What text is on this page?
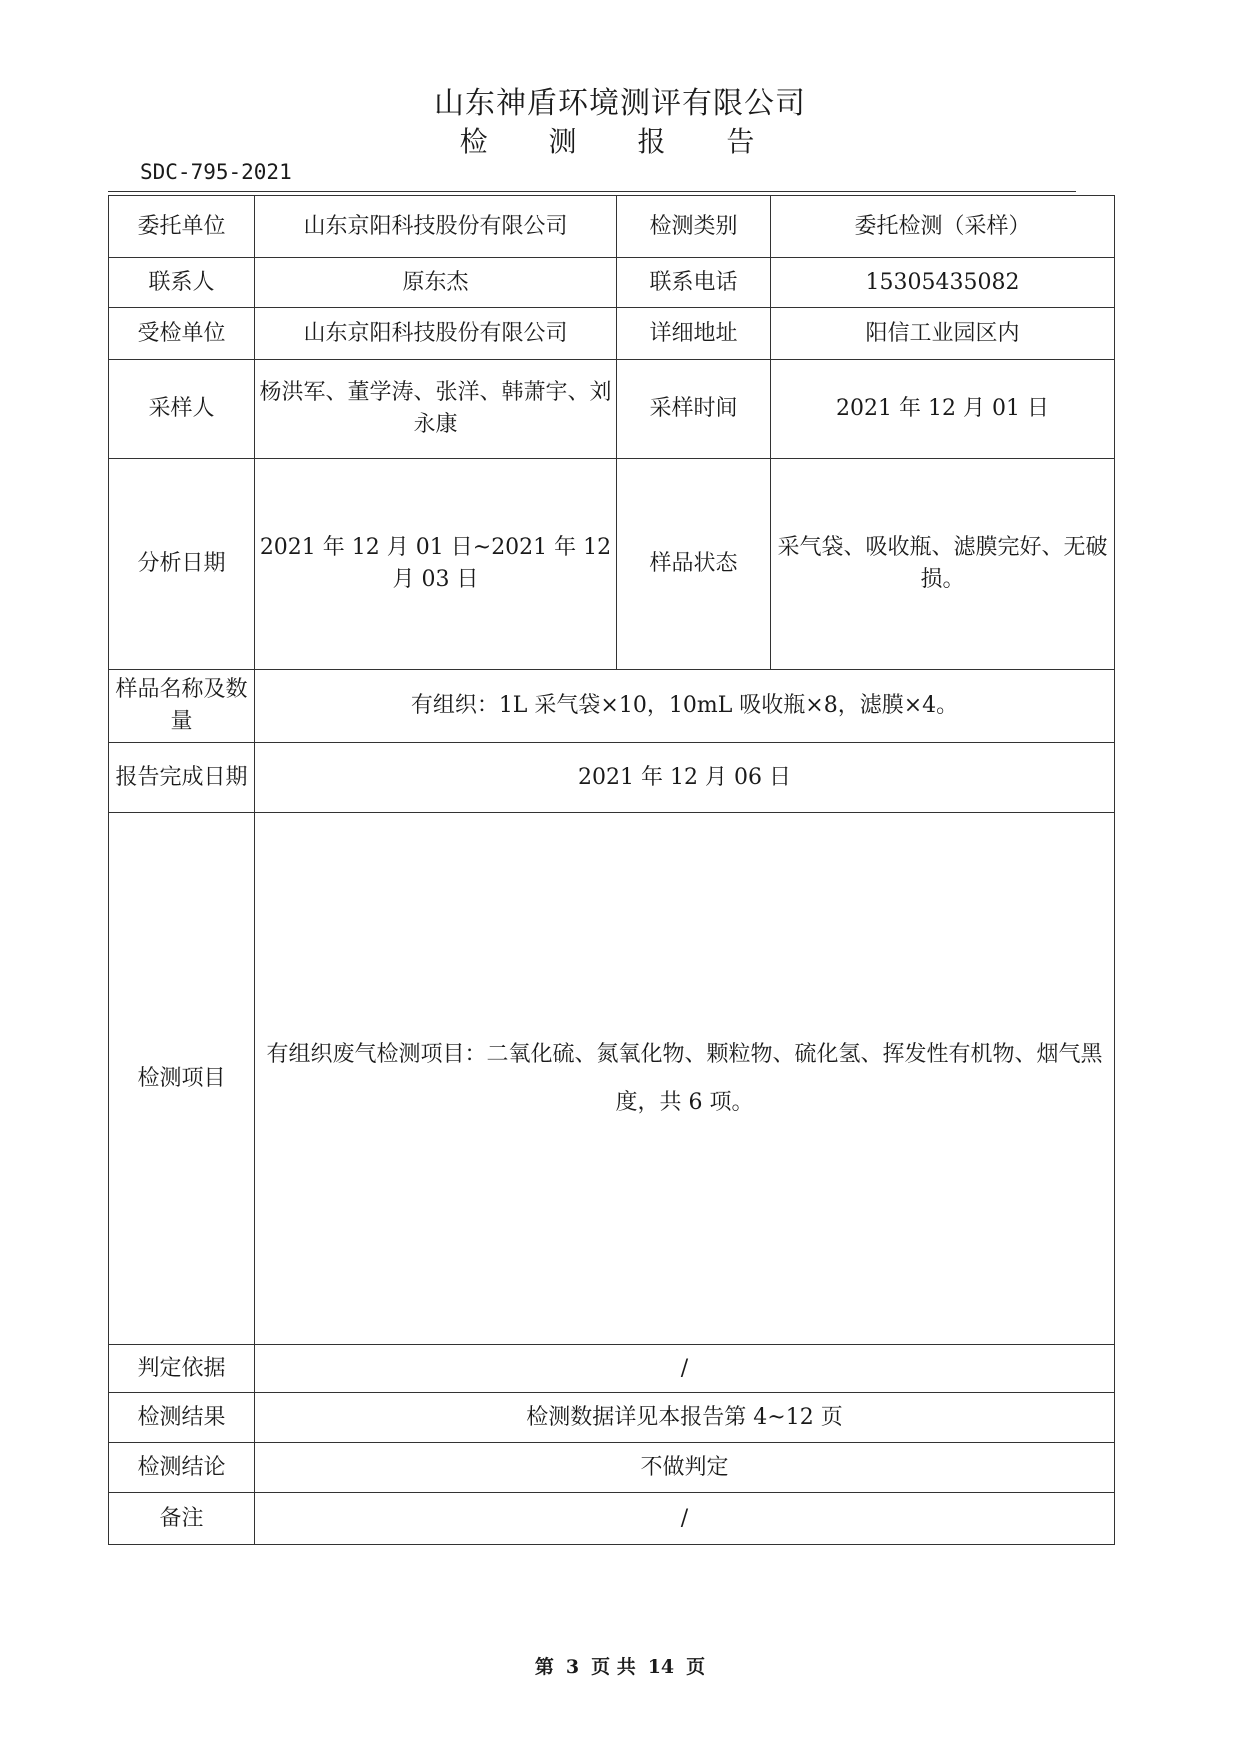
山东神盾环境测评有限公司
检 测 报 告
SDC-795-2021
委托单位	山东京阳科技股份有限公司	检测类别	委托检测（采样）
联系人	原东杰	联系电话	15305435082
受检单位	山东京阳科技股份有限公司	详细地址	阳信工业园区内
采样人	杨洪军、董学涛、张洋、韩萧宇、刘永康	采样时间	2021 年 12 月 01 日
分析日期	2021 年 12 月 01 日~2021 年 12 月 03 日	样品状态	采气袋、吸收瓶、滤膜完好、无破损。
样品名称及数量	有组织：1L 采气袋×10，10mL 吸收瓶×8，滤膜×4。		
报告完成日期	2021 年 12 月 06 日		
检测项目	有组织废气检测项目：二氧化硫、氮氧化物、颗粒物、硫化氢、挥发性有机物、烟气黑度，共 6 项。		
判定依据	/		
检测结果	检测数据详见本报告第 4~12 页		
检测结论	不做判定		
备注	/		
第 3 页 共 14 页
